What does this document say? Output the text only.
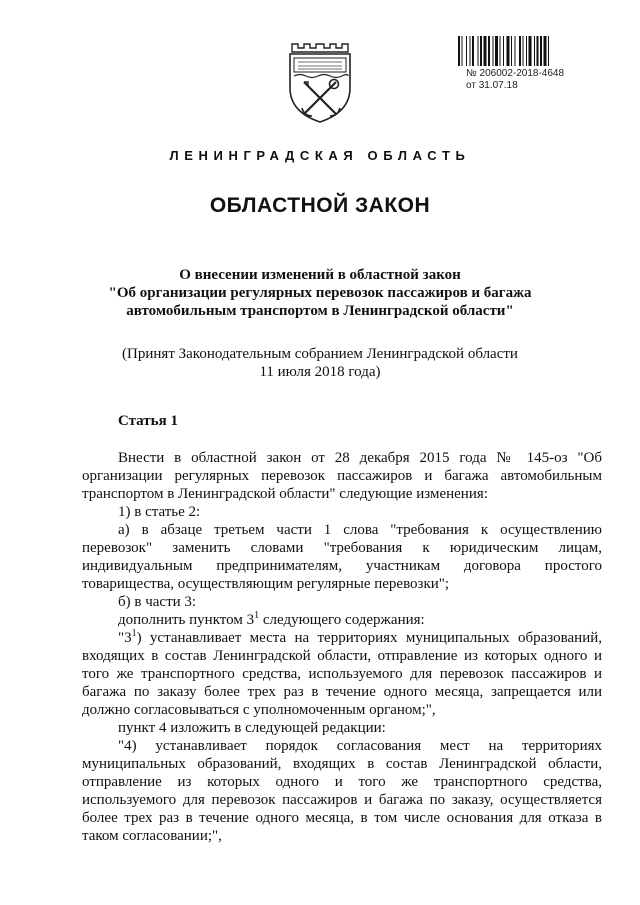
№ 206002-2018-4648
от 31.07.18
ЛЕНИНГРАДСКАЯ ОБЛАСТЬ
ОБЛАСТНОЙ ЗАКОН
О внесении изменений в областной закон
"Об организации регулярных перевозок пассажиров и багажа
автомобильным транспортом в Ленинградской области"
(Принят Законодательным собранием Ленинградской области
11 июля 2018 года)
Статья 1

Внести в областной закон от 28 декабря 2015 года № 145-оз "Об организации регулярных перевозок пассажиров и багажа автомобильным транспортом в Ленинградской области" следующие изменения:

1) в статье 2:

а) в абзаце третьем части 1 слова "требования к осуществлению перевозок" заменить словами "требования к юридическим лицам, индивидуальным предпринимателям, участникам договора простого товарищества, осуществляющим регулярные перевозки";

б) в части 3:

дополнить пунктом $3^1$ следующего содержания:

"$3^1$) устанавливает места на территориях муниципальных образований, входящих в состав Ленинградской области, отправление из которых одного и того же транспортного средства, используемого для перевозок пассажиров и багажа по заказу более трех раз в течение одного месяца, запрещается или должно согласовываться с уполномоченным органом;",

пункт 4 изложить в следующей редакции:

"4) устанавливает порядок согласования мест на территориях муниципальных образований, входящих в состав Ленинградской области, отправление из которых одного и того же транспортного средства, используемого для перевозок пассажиров и багажа по заказу, осуществляется более трех раз в течение одного месяца, в том числе основания для отказа в таком согласовании;",
